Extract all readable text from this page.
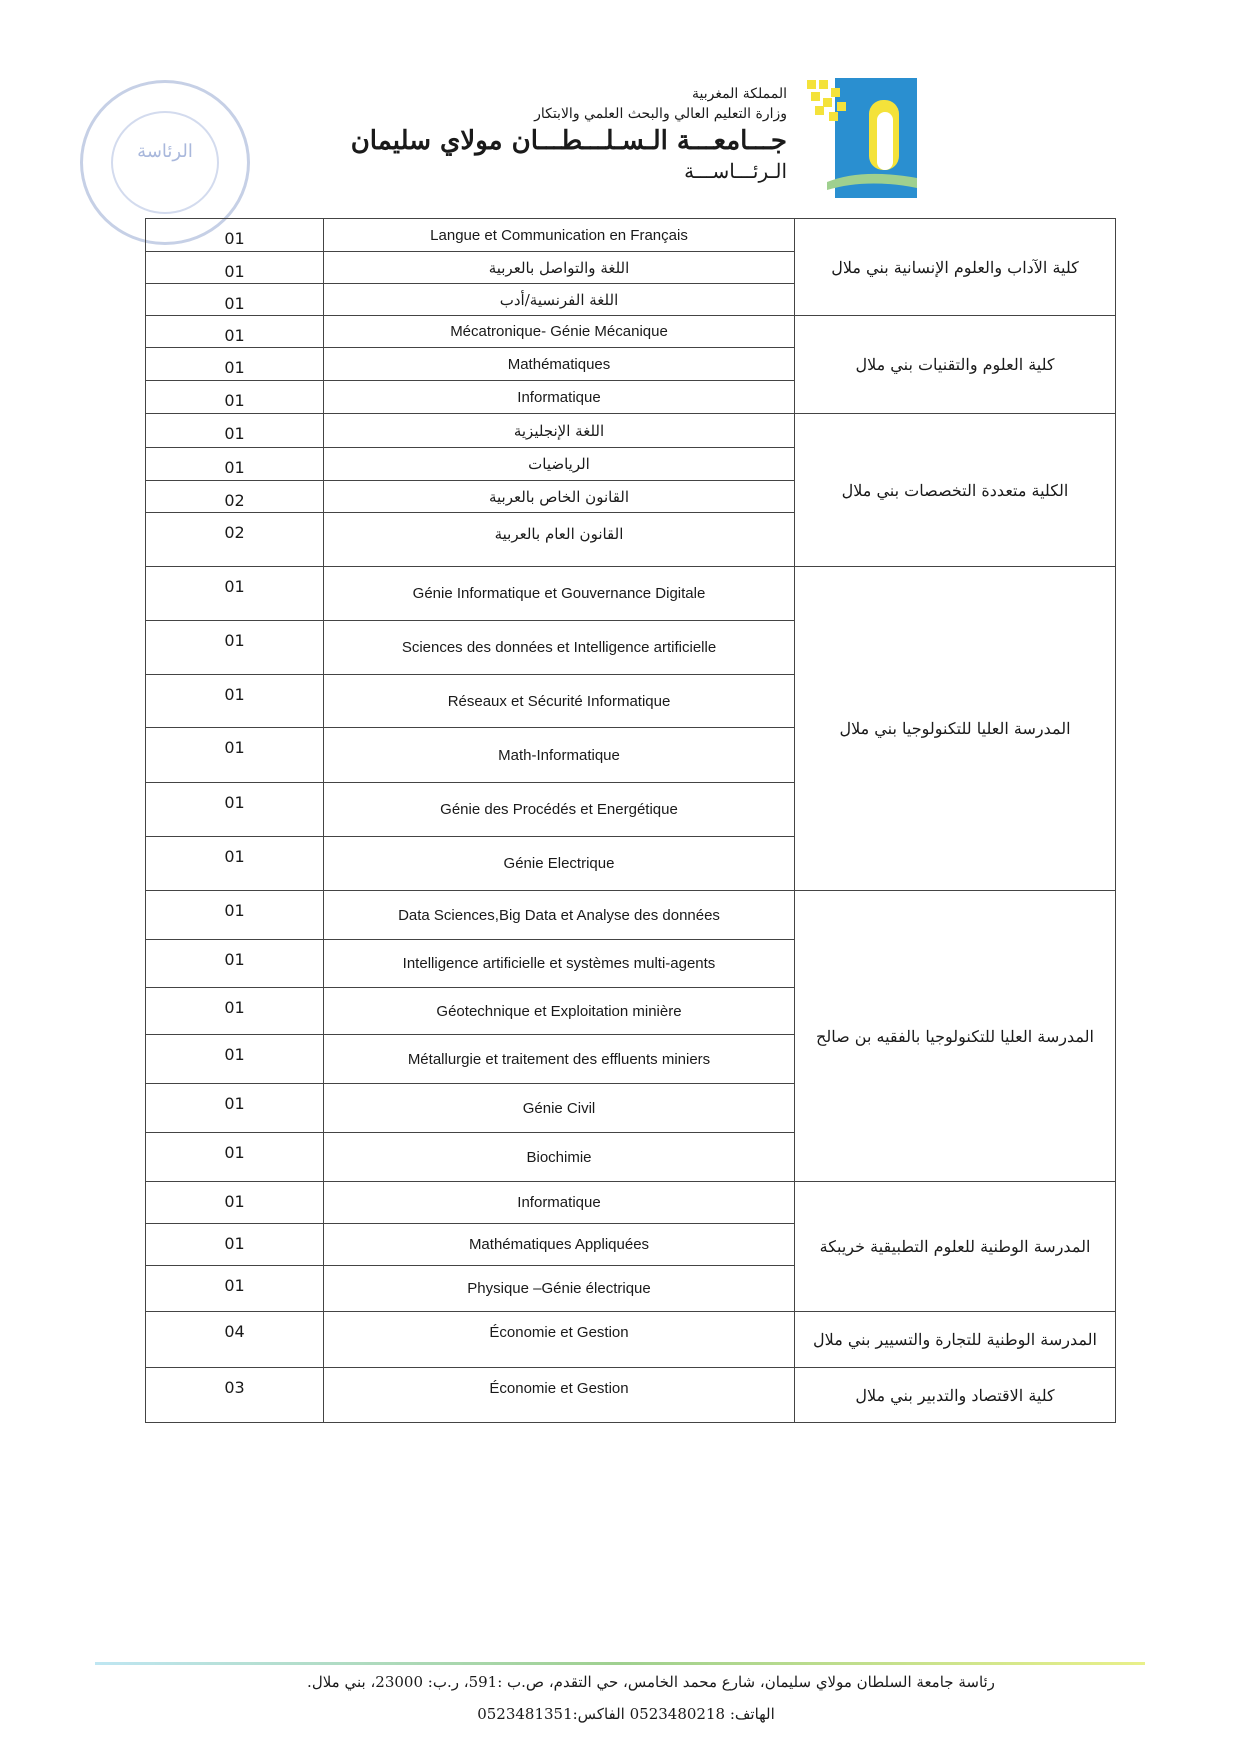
الرئاسة
المملكة المغربية
وزارة التعليم العالي والبحث العلمي والابتكار
جـــامعـــة الـسـلـــطـــان مولاي سليمان
الـرئـــاســـة
01	Langue et Communication en Français	كلية الآداب والعلوم الإنسانية بني ملال
01	اللغة والتواصل بالعربية	
01	اللغة الفرنسية/أدب	
01	Mécatronique- Génie Mécanique	كلية العلوم والتقنيات بني ملال
01	Mathématiques	
01	Informatique	
01	اللغة الإنجليزية	الكلية متعددة التخصصات بني ملال
01	الرياضيات	
02	القانون الخاص بالعربية	
02	القانون العام بالعربية	
01	Génie Informatique et Gouvernance Digitale	المدرسة العليا للتكنولوجيا بني ملال
01	Sciences des données et Intelligence artificielle	
01	Réseaux et Sécurité Informatique	
01	Math-Informatique	
01	Génie des Procédés et Energétique	
01	Génie Electrique	
01	Data Sciences,Big Data et Analyse des données	المدرسة العليا للتكنولوجيا بالفقيه بن صالح
01	Intelligence artificielle et systèmes multi-agents	
01	Géotechnique et Exploitation minière	
01	Métallurgie et traitement des effluents miniers	
01	Génie Civil	
01	Biochimie	
01	Informatique	المدرسة الوطنية للعلوم التطبيقية خريبكة
01	Mathématiques Appliquées	
01	Physique –Génie électrique	
04	Économie et Gestion	المدرسة الوطنية للتجارة والتسيير بني ملال
03	Économie et Gestion	كلية الاقتصاد والتدبير بني ملال
رئاسة جامعة السلطان مولاي سليمان، شارع محمد الخامس، حي التقدم، ص.ب :591، ر.ب: 23000، بني ملال.
الهاتف: 0523480218 الفاكس:0523481351
